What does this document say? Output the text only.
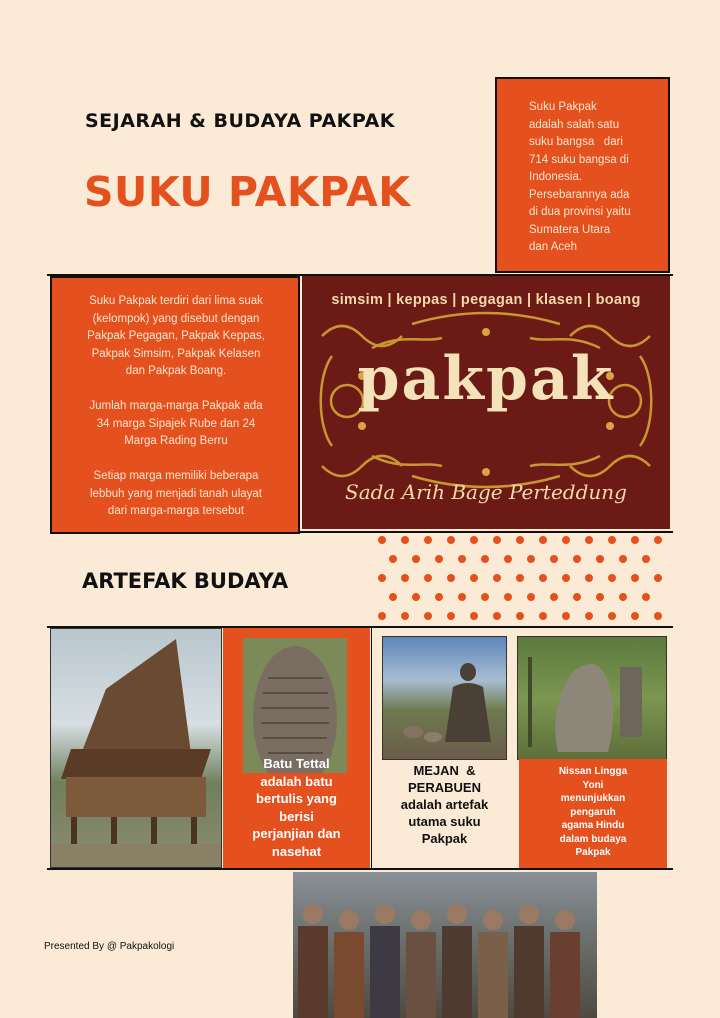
SEJARAH & BUDAYA PAKPAK
SUKU PAKPAK
Suku Pakpak
adalah salah satu
suku bangsa   dari
714 suku bangsa di
Indonesia.
Persebarannya ada
di dua provinsi yaitu
Sumatera Utara
dan Aceh

Suku Pakpak terdiri dari lima suak
(kelompok) yang disebut dengan
Pakpak Pegagan, Pakpak Keppas,
Pakpak Simsim, Pakpak Kelasen
dan Pakpak Boang.

Jumlah marga-marga Pakpak ada
34 marga Sipajek Rube dan 24
Marga Rading Berru

Setiap marga memiliki beberapa
lebbuh yang menjadi tanah ulayat
dari marga-marga tersebut

simsim | keppas | pegagan | klasen | boang
pakpak
Sada Arih Bage Perteddung
ARTEFAK BUDAYA
Batu Tettal
adalah batu
bertulis yang
berisi
perjanjian dan
nasehat
MEJAN  &
PERABUEN
adalah artefak
utama suku
Pakpak
Nissan Lingga
Yoni
menunjukkan
pengaruh
agama Hindu
dalam budaya
Pakpak
Presented By @ Pakpakologi
